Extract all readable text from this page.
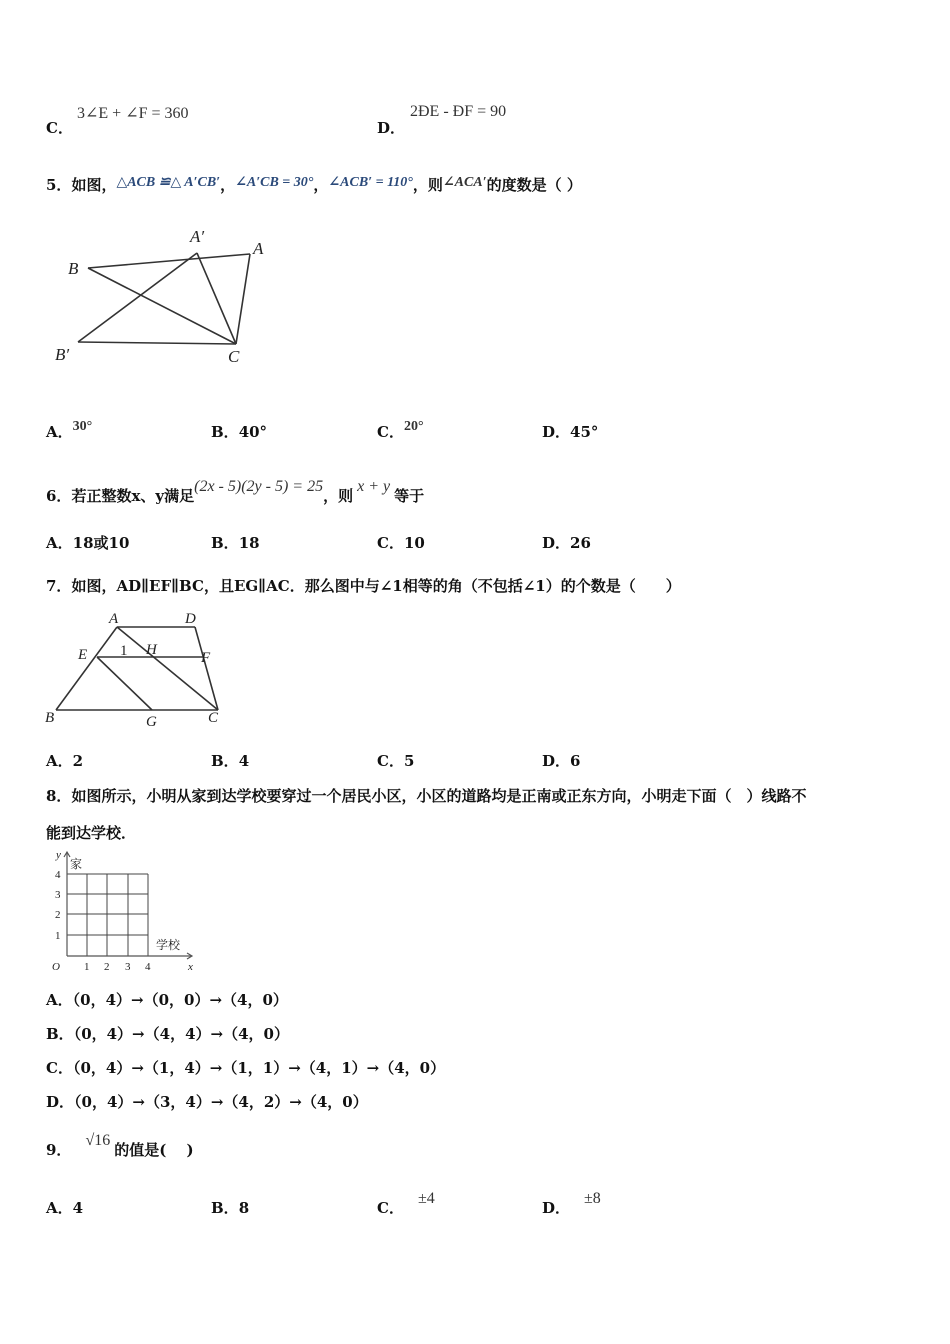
C．
3∠E + ∠F = 360
D．
2ÐE - ÐF = 90
5．如图，△ACB ≌△ A′CB′，∠A′CB = 30°，∠ACB′ = 110°，则∠ACA′的度数是（ ）
B
A′
A
B′	C
A．30°	B．40°	C．20°	D．45°
6．若正整数x、y满足(2x - 5)(2y - 5) = 25，则x + y等于
A．18或10	B．18	C．10	D．26
7．如图，AD∥EF∥BC，且EG∥AC．那么图中与∠1相等的角（不包括∠1）的个数是（　　）
A	D
E 1 H	F
B	G	C
A．2	B．4	C．5	D．6
8．如图所示，小明从家到达学校要穿过一个居民小区，小区的道路均是正南或正东方向，小明走下面（　）线路不
能到达学校．
y
家
学校
O	x
1
2
3
4
1 2 3 4
A．（0，4）→（0，0）→（4，0）
B．（0，4）→（4，4）→（4，0）
C．（0，4）→（1，4）→（1，1）→（4，1）→（4，0）
D．（0，4）→（3，4）→（4，2）→（4，0）
9．√16的值是(　 )
A．4	B．8	C．±4
D．±8
